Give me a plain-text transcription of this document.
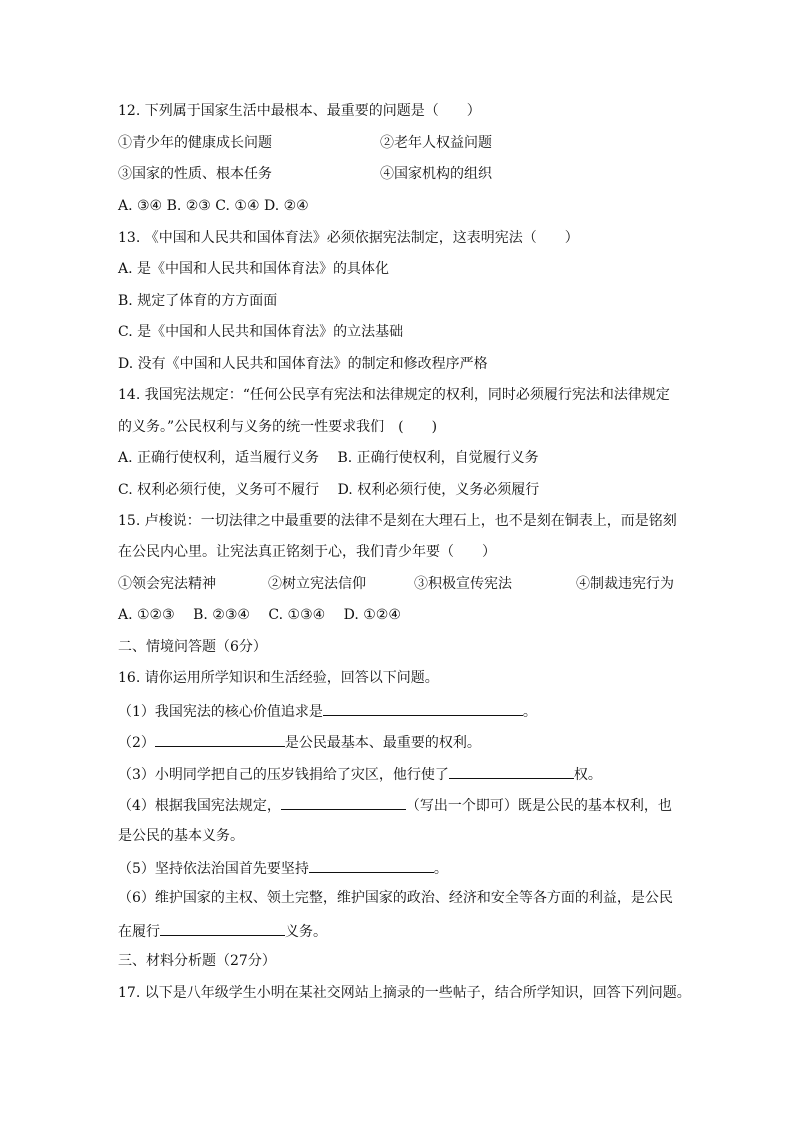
12. 下列属于国家生活中最根本、最重要的问题是（　　）
①青少年的健康成长问题	②老年人权益问题
③国家的性质、根本任务	④国家机构的组织
A. ③④ B. ②③ C. ①④ D. ②④
13. 《中国和人民共和国体育法》必须依据宪法制定，这表明宪法（　　）
A. 是《中国和人民共和国体育法》的具体化
B. 规定了体育的方方面面
C. 是《中国和人民共和国体育法》的立法基础
D. 没有《中国和人民共和国体育法》的制定和修改程序严格
14. 我国宪法规定：“任何公民享有宪法和法律规定的权利，同时必须履行宪法和法律规定
的义务。”公民权利与义务的统一性要求我们　(　　)
A. 正确行使权利，适当履行义务　 B. 正确行使权利，自觉履行义务
C. 权利必须行使，义务可不履行　 D. 权利必须行使，义务必须履行
15. 卢梭说：一切法律之中最重要的法律不是刻在大理石上，也不是刻在铜表上，而是铭刻
在公民内心里。让宪法真正铭刻于心，我们青少年要（　　）
①领会宪法精神	②树立宪法信仰	③积极宣传宪法	④制裁违宪行为
A. ①②③　 B. ②③④　 C. ①③④　 D. ①②④
二、情境问答题（6分）
16. 请你运用所学知识和生活经验，回答以下问题。
（1）我国宪法的核心价值追求是	。
（2）	是公民最基本、最重要的权利。
（3）小明同学把自己的压岁钱捐给了灾区，他行使了	权。
（4）根据我国宪法规定，	（写出一个即可）既是公民的基本权利，也
是公民的基本义务。
（5）坚持依法治国首先要坚持	。
（6）维护国家的主权、领土完整，维护国家的政治、经济和安全等各方面的利益，是公民
在履行	义务。
三、材料分析题（27分）
17. 以下是八年级学生小明在某社交网站上摘录的一些帖子，结合所学知识，回答下列问题。
